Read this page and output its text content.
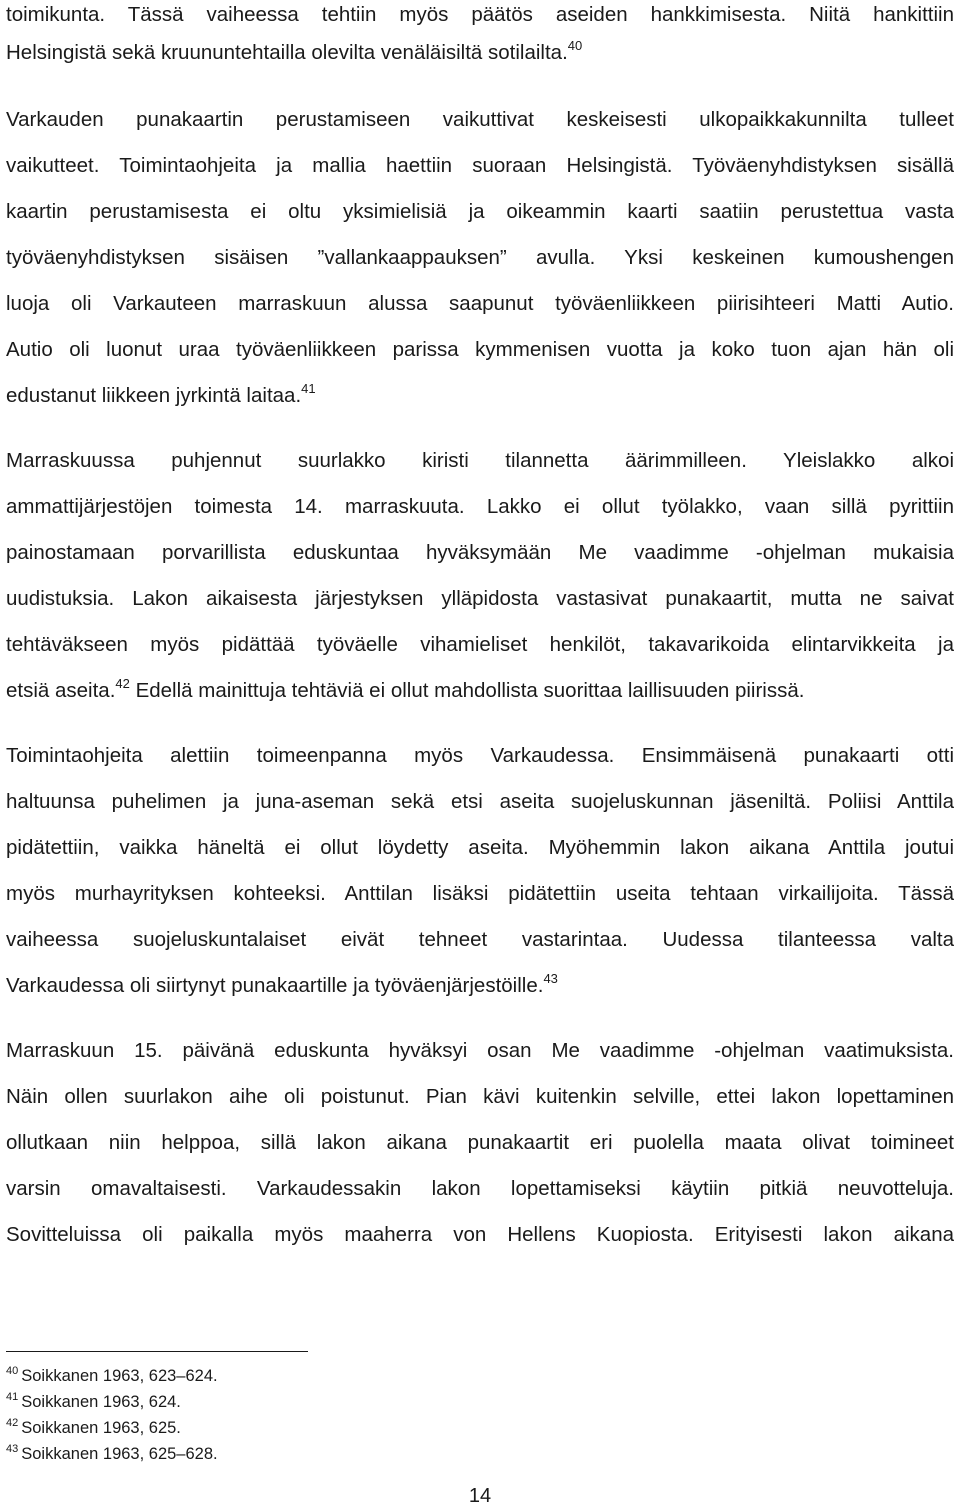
toimikunta. Tässä vaiheessa tehtiin myös päätös aseiden hankkimisesta. Niitä hankittiin
Helsingistä sekä kruununtehtailla olevilta venäläisiltä sotilailta.$^{40}$
Varkauden punakaartin perustamiseen vaikuttivat keskeisesti ulkopaikkakunnilta tulleet
vaikutteet. Toimintaohjeita ja mallia haettiin suoraan Helsingistä. Työväenyhdistyksen sisällä
kaartin perustamisesta ei oltu yksimielisiä ja oikeammin kaarti saatiin perustettua vasta
työväenyhdistyksen sisäisen ”vallankaappauksen” avulla. Yksi keskeinen kumoushengen
luoja oli Varkauteen marraskuun alussa saapunut työväenliikkeen piirisihteeri Matti Autio.
Autio oli luonut uraa työväenliikkeen parissa kymmenisen vuotta ja koko tuon ajan hän oli
edustanut liikkeen jyrkintä laitaa.$^{41}$
Marraskuussa puhjennut suurlakko kiristi tilannetta äärimmilleen. Yleislakko alkoi
ammattijärjestöjen toimesta 14. marraskuuta. Lakko ei ollut työlakko, vaan sillä pyrittiin
painostamaan porvarillista eduskuntaa hyväksymään Me vaadimme -ohjelman mukaisia
uudistuksia. Lakon aikaisesta järjestyksen ylläpidosta vastasivat punakaartit, mutta ne saivat
tehtäväkseen myös pidättää työväelle vihamieliset henkilöt, takavarikoida elintarvikkeita ja
etsiä aseita.$^{42}$ Edellä mainittuja tehtäviä ei ollut mahdollista suorittaa laillisuuden piirissä.
Toimintaohjeita alettiin toimeenpanna myös Varkaudessa. Ensimmäisenä punakaarti otti
haltuunsa puhelimen ja juna-aseman sekä etsi aseita suojeluskunnan jäseniltä. Poliisi Anttila
pidätettiin, vaikka häneltä ei ollut löydetty aseita. Myöhemmin lakon aikana Anttila joutui
myös murhayrityksen kohteeksi. Anttilan lisäksi pidätettiin useita tehtaan virkailijoita. Tässä
vaiheessa suojeluskuntalaiset eivät tehneet vastarintaa. Uudessa tilanteessa valta
Varkaudessa oli siirtynyt punakaartille ja työväenjärjestöille.$^{43}$
Marraskuun 15. päivänä eduskunta hyväksyi osan Me vaadimme -ohjelman vaatimuksista.
Näin ollen suurlakon aihe oli poistunut. Pian kävi kuitenkin selville, ettei lakon lopettaminen
ollutkaan niin helppoa, sillä lakon aikana punakaartit eri puolella maata olivat toimineet
varsin omavaltaisesti. Varkaudessakin lakon lopettamiseksi käytiin pitkiä neuvotteluja.
Sovitteluissa oli paikalla myös maaherra von Hellens Kuopiosta. Erityisesti lakon aikana
$^{40}$ Soikkanen 1963, 623–624.
$^{41}$ Soikkanen 1963, 624.
$^{42}$ Soikkanen 1963, 625.
$^{43}$ Soikkanen 1963, 625–628.
14
